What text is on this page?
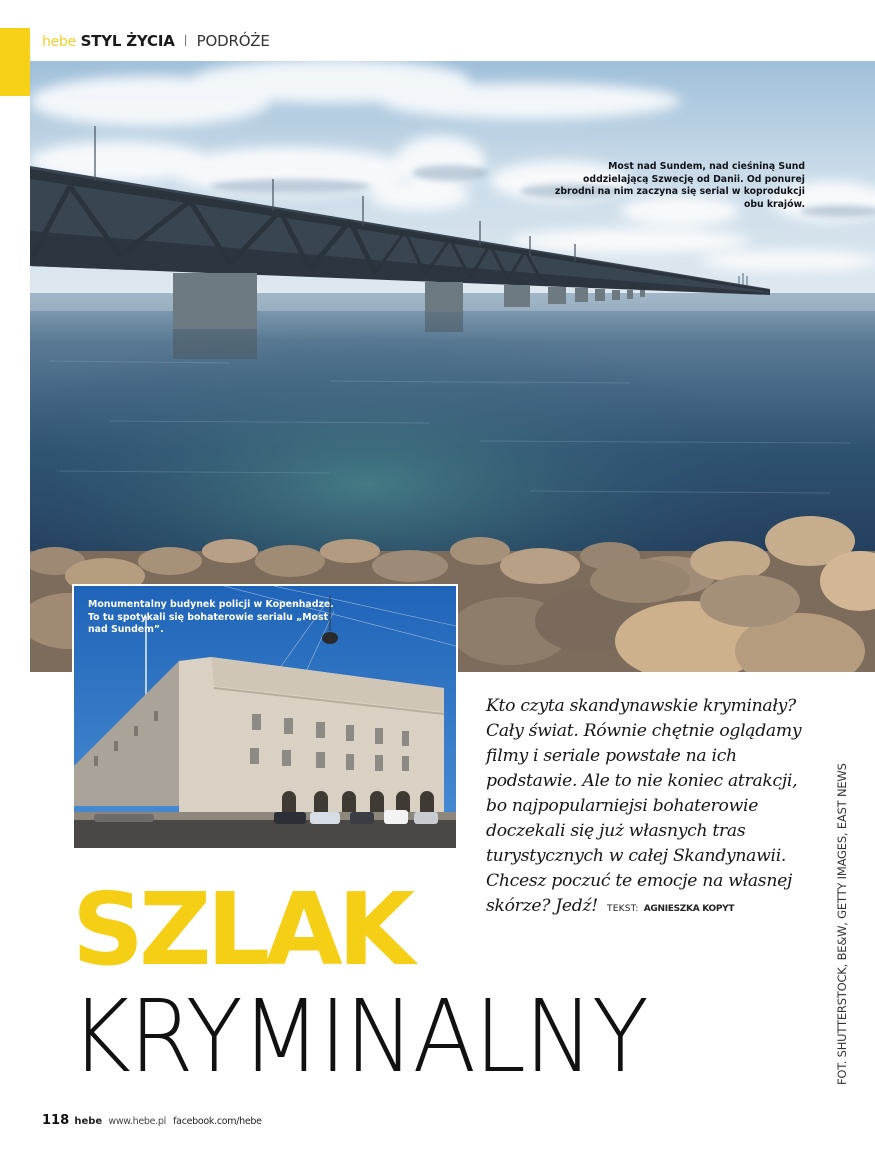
hebe STYL ŻYCIA I PODRÓŻE
Most nad Sundem, nad cieśniną Sund oddzielającą Szwecję od Danii. Od ponurej zbrodni na nim zaczyna się serial w koprodukcji obu krajów.
Monumentalny budynek policji w Kopenhadze. To tu spotykali się bohaterowie serialu „Most nad Sundem”.
Kto czyta skandynawskie kryminały? Cały świat. Równie chętnie oglądamy filmy i seriale powstałe na ich podstawie. Ale to nie koniec atrakcji, bo najpopularniejsi bohaterowie doczekali się już własnych tras turystycznych w całej Skandynawii. Chcesz poczuć te emocje na własnej skórze? Jedź! TEKST: AGNIESZKA KOPYT
SZLAK
KRYMINALNY	FOT. SHUTTERSTOCK, BE&W, GETTY IMAGES, EAST NEWS
118 hebe www.hebe.pl facebook.com/hebe
